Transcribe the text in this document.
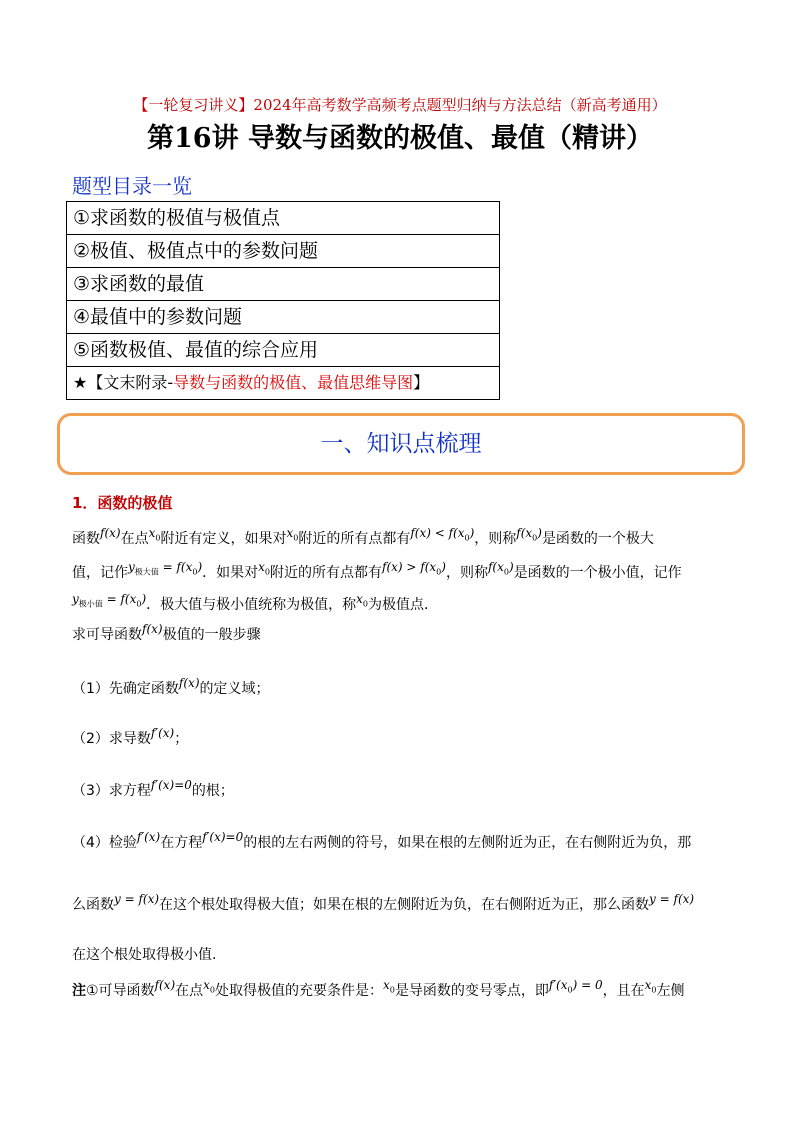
【一轮复习讲义】2024年高考数学高频考点题型归纳与方法总结（新高考通用）
第16讲 导数与函数的极值、最值（精讲）
题型目录一览
①求函数的极值与极值点
②极值、极值点中的参数问题
③求函数的最值
④最值中的参数问题
⑤函数极值、最值的综合应用
★【文末附录-导数与函数的极值、最值思维导图】
一、知识点梳理
1．函数的极值
函数f(x)在点$x_0$附近有定义，如果对$x_0$附近的所有点都有$f(x) < f(x_0)$，则称$f(x_0)$是函数的一个极大
值，记作$y_{极大值} = f(x_0)$．如果对$x_0$附近的所有点都有$f(x) > f(x_0)$，则称$f(x_0)$是函数的一个极小值，记作
$y_{极小值} = f(x_0)$．极大值与极小值统称为极值，称$x_0$为极值点．
求可导函数f(x)极值的一般步骤
（1）先确定函数f(x)的定义域；
（2）求导数f′(x)；
（3）求方程f′(x)=0的根；
（4）检验f′(x)在方程f′(x)=0的根的左右两侧的符号，如果在根的左侧附近为正，在右侧附近为负，那
么函数y = f(x)在这个根处取得极大值；如果在根的左侧附近为负，在右侧附近为正，那么函数y = f(x)
在这个根处取得极小值.
注①可导函数f(x)在点$x_0$处取得极值的充要条件是：$x_0$是导函数的变号零点，即$f'(x_0) = 0$，且在$x_0$左侧
